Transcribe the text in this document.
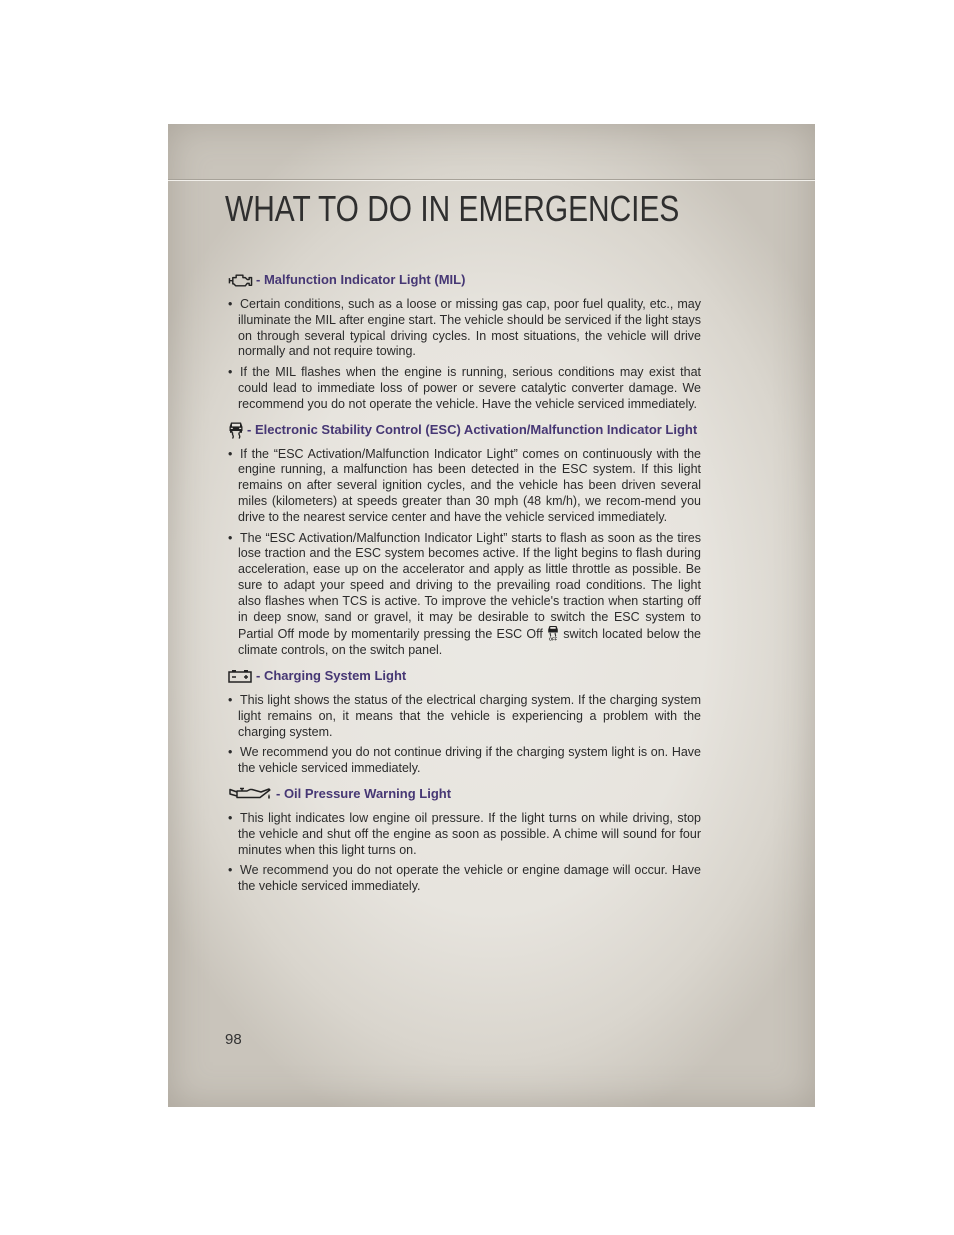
WHAT TO DO IN EMERGENCIES
- Malfunction Indicator Light (MIL)
• Certain conditions, such as a loose or missing gas cap, poor fuel quality, etc., may illuminate the MIL after engine start. The vehicle should be serviced if the light stays on through several typical driving cycles. In most situations, the vehicle will drive normally and not require towing.
• If the MIL flashes when the engine is running, serious conditions may exist that could lead to immediate loss of power or severe catalytic converter damage. We recommend you do not operate the vehicle. Have the vehicle serviced immediately.
- Electronic Stability Control (ESC) Activation/Malfunction Indicator Light
• If the “ESC Activation/Malfunction Indicator Light” comes on continuously with the engine running, a malfunction has been detected in the ESC system. If this light remains on after several ignition cycles, and the vehicle has been driven several miles (kilometers) at speeds greater than 30 mph (48 km/h), we recom-mend you drive to the nearest service center and have the vehicle serviced immediately.
• The “ESC Activation/Malfunction Indicator Light” starts to flash as soon as the tires lose traction and the ESC system becomes active. If the light begins to flash during acceleration, ease up on the accelerator and apply as little throttle as possible. Be sure to adapt your speed and driving to the prevailing road conditions. The light also flashes when TCS is active. To improve the vehicle's traction when starting off in deep snow, sand or gravel, it may be desirable to switch the ESC system to Partial Off mode by momentarily pressing the ESC Off OFF switch located below the climate controls, on the switch panel.
- Charging System Light
• This light shows the status of the electrical charging system. If the charging system light remains on, it means that the vehicle is experiencing a problem with the charging system.
• We recommend you do not continue driving if the charging system light is on. Have the vehicle serviced immediately.
- Oil Pressure Warning Light
• This light indicates low engine oil pressure. If the light turns on while driving, stop the vehicle and shut off the engine as soon as possible. A chime will sound for four minutes when this light turns on.
• We recommend you do not operate the vehicle or engine damage will occur. Have the vehicle serviced immediately.
98
